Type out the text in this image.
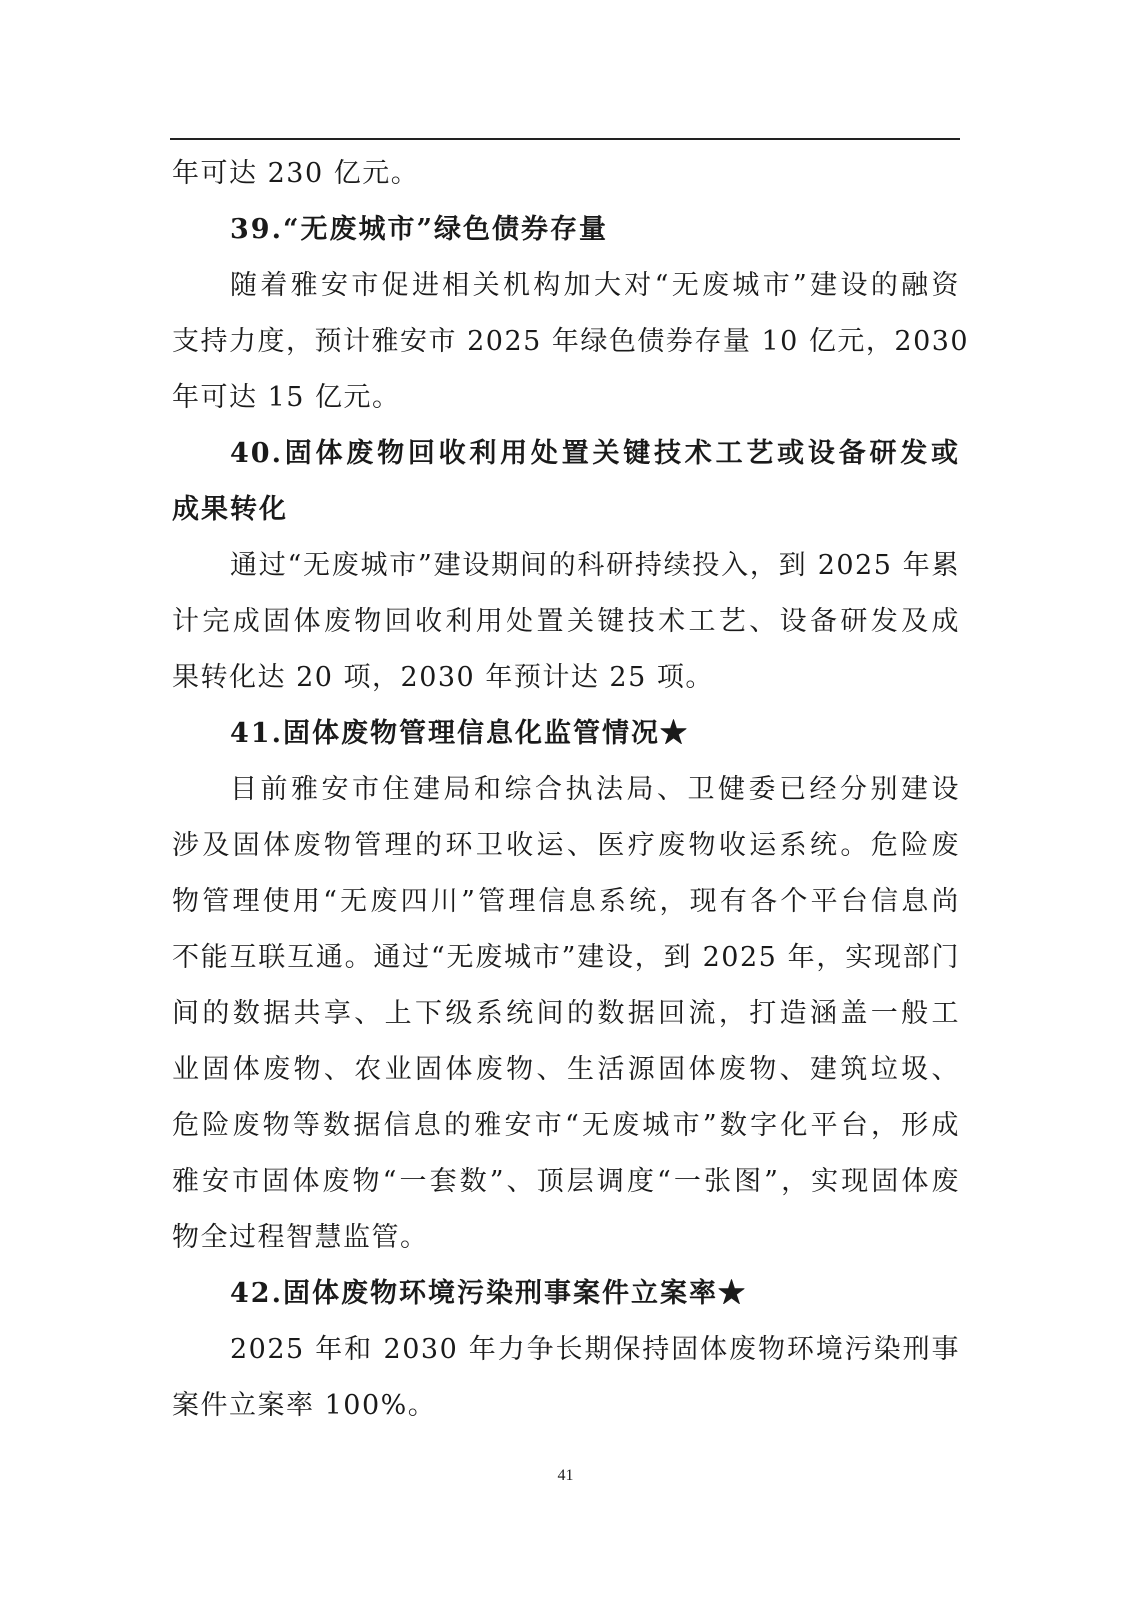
年可达 230 亿元。
39.“无废城市”绿色债券存量
随着雅安市促进相关机构加大对“无废城市”建设的融资
支持力度，预计雅安市 2025 年绿色债券存量 10 亿元，2030
年可达 15 亿元。
40.固体废物回收利用处置关键技术工艺或设备研发或
成果转化
通过“无废城市”建设期间的科研持续投入，到 2025 年累
计完成固体废物回收利用处置关键技术工艺、设备研发及成
果转化达 20 项，2030 年预计达 25 项。
41.固体废物管理信息化监管情况★
目前雅安市住建局和综合执法局、卫健委已经分别建设
涉及固体废物管理的环卫收运、医疗废物收运系统。危险废
物管理使用“无废四川”管理信息系统，现有各个平台信息尚
不能互联互通。通过“无废城市”建设，到 2025 年，实现部门
间的数据共享、上下级系统间的数据回流，打造涵盖一般工
业固体废物、农业固体废物、生活源固体废物、建筑垃圾、
危险废物等数据信息的雅安市“无废城市”数字化平台，形成
雅安市固体废物“一套数”、顶层调度“一张图”，实现固体废
物全过程智慧监管。
42.固体废物环境污染刑事案件立案率★
2025 年和 2030 年力争长期保持固体废物环境污染刑事
案件立案率 100%。
41
